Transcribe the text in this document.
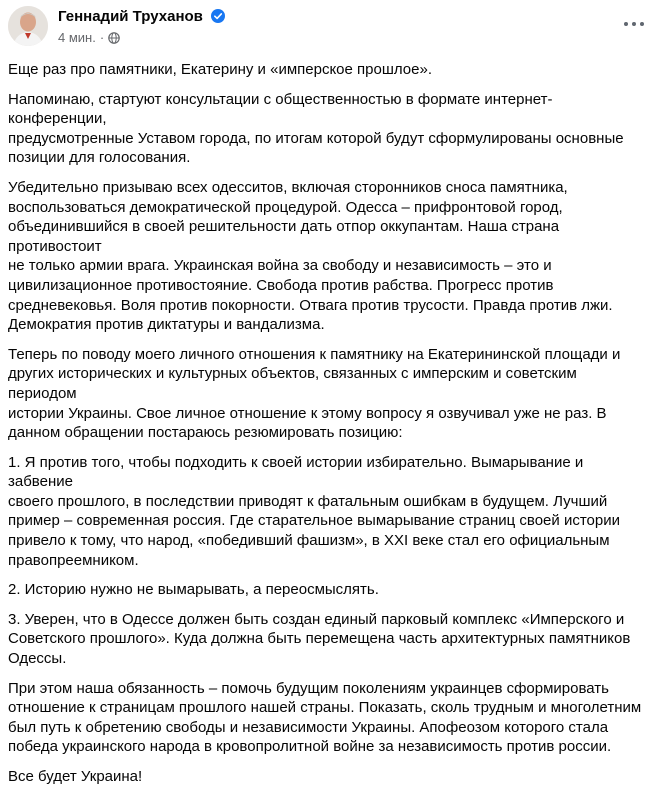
Геннадий Труханов
4 мин. ·

Еще раз про памятники, Екатерину и «имперское прошлое».

Напоминаю, стартуют консультации с общественностью в формате интернет-конференции,
предусмотренные Уставом города, по итогам которой будут сформулированы основные
позиции для голосования.

Убедительно призываю всех одесситов, включая сторонников сноса памятника,
воспользоваться демократической процедурой. Одесса – прифронтовой город,
объединившийся в своей решительности дать отпор оккупантам. Наша страна противостоит
не только армии врага. Украинская война за свободу и независимость – это и
цивилизационное противостояние. Свобода против рабства. Прогресс против
средневековья. Воля против покорности. Отвага против трусости. Правда против лжи.
Демократия против диктатуры и вандализма.

Теперь по поводу моего личного отношения к памятнику на Екатерининской площади и
других исторических и культурных объектов, связанных с имперским и советским периодом
истории Украины. Свое личное отношение к этому вопросу я озвучивал уже не раз. В
данном обращении постараюсь резюмировать позицию:

1. Я против того, чтобы подходить к своей истории избирательно. Вымарывание и забвение
своего прошлого, в последствии приводят к фатальным ошибкам в будущем. Лучший
пример – современная россия. Где старательное вымарывание страниц своей истории
привело к тому, что народ, «победивший фашизм», в XXI веке стал его официальным
правопреемником.

2. Историю нужно не вымарывать, а переосмыслять.

3. Уверен, что в Одессе должен быть создан единый парковый комплекс «Имперского и
Советского прошлого». Куда должна быть перемещена часть архитектурных памятников
Одессы.

При этом наша обязанность – помочь будущим поколениям украинцев сформировать
отношение к страницам прошлого нашей страны. Показать, сколь трудным и многолетним
был путь к обретению свободы и независимости Украины. Апофеозом которого стала
победа украинского народа в кровопролитной войне за независимость против россии.

Все будет Украина!
